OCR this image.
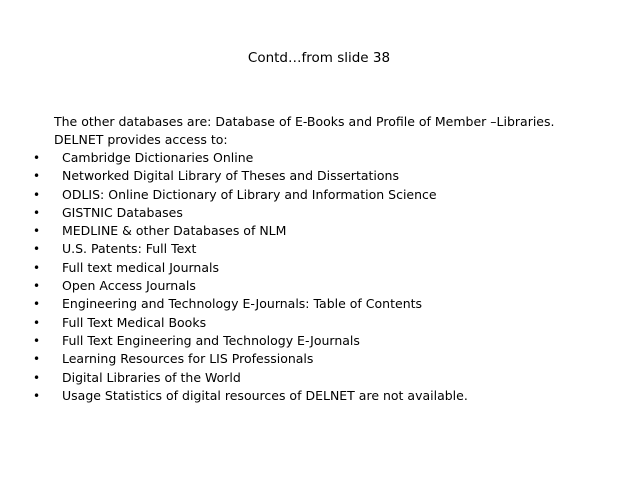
Contd…from slide 38
The other databases are: Database of E-Books and Profile of Member –Libraries.
DELNET provides access to:
• Cambridge Dictionaries Online
• Networked Digital Library of Theses and Dissertations
• ODLIS: Online Dictionary of Library and Information Science
• GISTNIC Databases
• MEDLINE & other Databases of NLM
• U.S. Patents: Full Text
• Full text medical Journals
• Open Access Journals
• Engineering and Technology E-Journals: Table of Contents
• Full Text Medical Books
• Full Text Engineering and Technology E-Journals
• Learning Resources for LIS Professionals
• Digital Libraries of the World
• Usage Statistics of digital resources of DELNET are not available.
